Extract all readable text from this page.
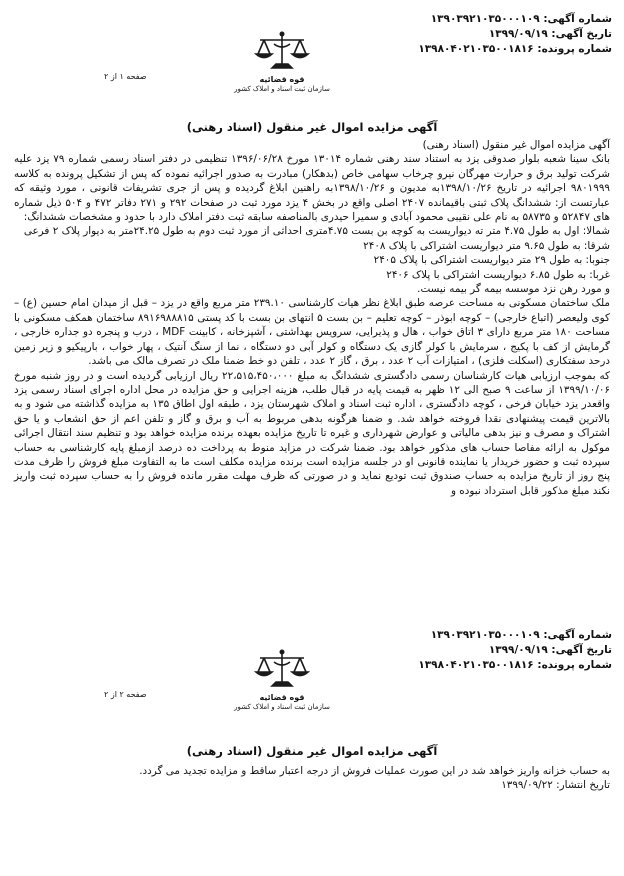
شماره آگهی: ۱۳۹۰۳۹۲۱۰۳۵۰۰۰۱۰۹
تاریخ آگهی: ۱۳۹۹/۰۹/۱۹
شماره پرونده: ۱۳۹۸۰۴۰۲۱۰۳۵۰۰۱۸۱۶
قوه قضائیه
سازمان ثبت اسناد و املاک کشور
صفحه ۱ از ۲
آگهی مزایده اموال غیر منقول (اسناد رهنی)

آگهی مزایده اموال غیر منقول (اسناد رهنی)

بانک سینا شعبه بلوار صدوقی یزد به استناد سند رهنی شماره ۱۳۰۱۴ مورخ ۱۳۹۶/۰۶/۲۸ تنظیمی در دفتر اسناد رسمی شماره ۷۹ یزد علیه شرکت تولید برق و حرارت مهرگان نیرو چرخاب سهامی خاص (بدهکار) مبادرت به صدور اجرائیه نموده که پس از تشکیل پرونده به کلاسه ۹۸۰۱۹۹۹ اجرائیه در تاریخ ۱۳۹۸/۱۰/۲۶به مدیون و ۱۳۹۸/۱۰/۲۶به راهنین ابلاغ گردیده و پس از جری تشریفات قانونی ، مورد وثیقه که عبارتست از: ششدانگ پلاک ثبتی باقیمانده ۲۴۰۷ اصلی واقع در بخش ۴ یزد مورد ثبت در صفحات ۲۹۲ و ۲۷۱ دفاتر ۴۷۲ و ۵۰۴ ذیل شماره های ۵۲۸۴۷ و ۵۸۷۳۵ به نام علی نقیبی محمود آبادی و سمیرا حیدری بالمناصفه سابقه ثبت دفتر املاک دارد با حدود و مشخصات ششدانگ:

شمالا: اول به طول ۴.۷۵ متر ته دیواریست به کوچه بن بست ۴.۷۵متری احداثی از مورد ثبت دوم به طول ۲۴.۲۵متر به دیوار پلاک ۲ فرعی

شرقا: به طول ۹.۶۵ متر دیواریست اشتراکی با پلاک ۲۴۰۸

جنوبا: به طول ۲۹ متر دیواریست اشتراکی با پلاک ۲۴۰۵

غربا: به طول ۶.۸۵ دیواریست اشتراکی با پلاک ۲۴۰۶

و مورد رهن نزد موسسه بیمه گر بیمه نیست.

ملک ساختمان مسکونی به مساحت عرصه طبق ابلاغ نظر هیات کارشناسی ۲۳۹.۱۰ متر مربع واقع در یزد – قبل از میدان امام حسین (ع) – کوی ولیعصر (اتباع خارجی) – کوچه ابوذر – کوچه تعلیم – بن بست ۵ انتهای بن بست با کد پستی ۸۹۱۶۹۸۸۸۱۵ ساختمان همکف مسکونی با مساحت ۱۸۰ متر مربع دارای ۳ اتاق خواب ، هال و پذیرایی، سرویس بهداشتی ، آشپزخانه ، کابینت MDF ، درب و پنجره دو جداره خارجی ، گرمایش از کف با پکیج ، سرمایش با کولر گازی یک دستگاه و کولر آبی دو دستگاه ، نما از سنگ آنتیک ، پهار خواب ، بارپیکیو و زیر زمین درحد سفتکاری (اسکلت فلزی) ، امتیازات آب ۲ عدد ، برق ، گاز ۲ عدد ، تلفن دو خط ضمنا ملک در تصرف مالک می باشد.

که بموجب ارزیابی هیات کارشناسان رسمی دادگستری ششدانگ به مبلغ ۲۲،۵۱۵،۴۵۰،۰۰۰ ریال ارزیابی گردیده است و در روز شنبه مورخ ۱۳۹۹/۱۰/۰۶ از ساعت ۹ صبح الی ۱۲ ظهر به قیمت پایه در قبال طلب، هزینه اجرایی و حق مزایده در محل اداره اجرای اسناد رسمی یزد واقعدر یزد خیابان فرخی ، کوچه دادگستری ، اداره ثبت اسناد و املاک شهرستان یزد ، طبقه اول اطاق ۱۳۵ به مزایده گذاشته می شود و به بالاترین قیمت پیشنهادی نقدا فروخته خواهد شد. و ضمنا هرگونه بدهی مربوط به آب و برق و گاز و تلفن اعم از حق انشعاب و یا حق اشتراک و مصرف و نیز بدهی مالیاتی و عوارض شهرداری و غیره تا تاریخ مزایده بعهده برنده مزایده خواهد بود و تنظیم سند انتقال اجرائی موکول به ارائه مفاصا حساب های مذکور خواهد بود. ضمنا شرکت در مزاید منوط به پرداخت ده درصد ازمبلغ پایه کارشناسی به حساب سپرده ثبت و حضور خریدار یا نماینده قانونی او در جلسه مزایده است برنده مزایده مکلف است ما به التفاوت مبلغ فروش را ظرف مدت پنج روز از تاریخ مزایده به حساب صندوق ثبت تودیع نماید و در صورتی که ظرف مهلت مقرر مانده فروش را به حساب سپرده ثبت واریز نکند مبلغ مذکور قابل استرداد نبوده و

شماره آگهی: ۱۳۹۰۳۹۲۱۰۳۵۰۰۰۱۰۹
تاریخ آگهی: ۱۳۹۹/۰۹/۱۹
شماره پرونده: ۱۳۹۸۰۴۰۲۱۰۳۵۰۰۱۸۱۶
قوه قضائیه
سازمان ثبت اسناد و املاک کشور
صفحه ۲ از ۲
آگهی مزایده اموال غیر منقول (اسناد رهنی)

به حساب خزانه واریز خواهد شد در این صورت عملیات فروش از درجه اعتبار ساقط و مزایده تجدید می گردد.

تاریخ انتشار: ۱۳۹۹/۰۹/۲۲
